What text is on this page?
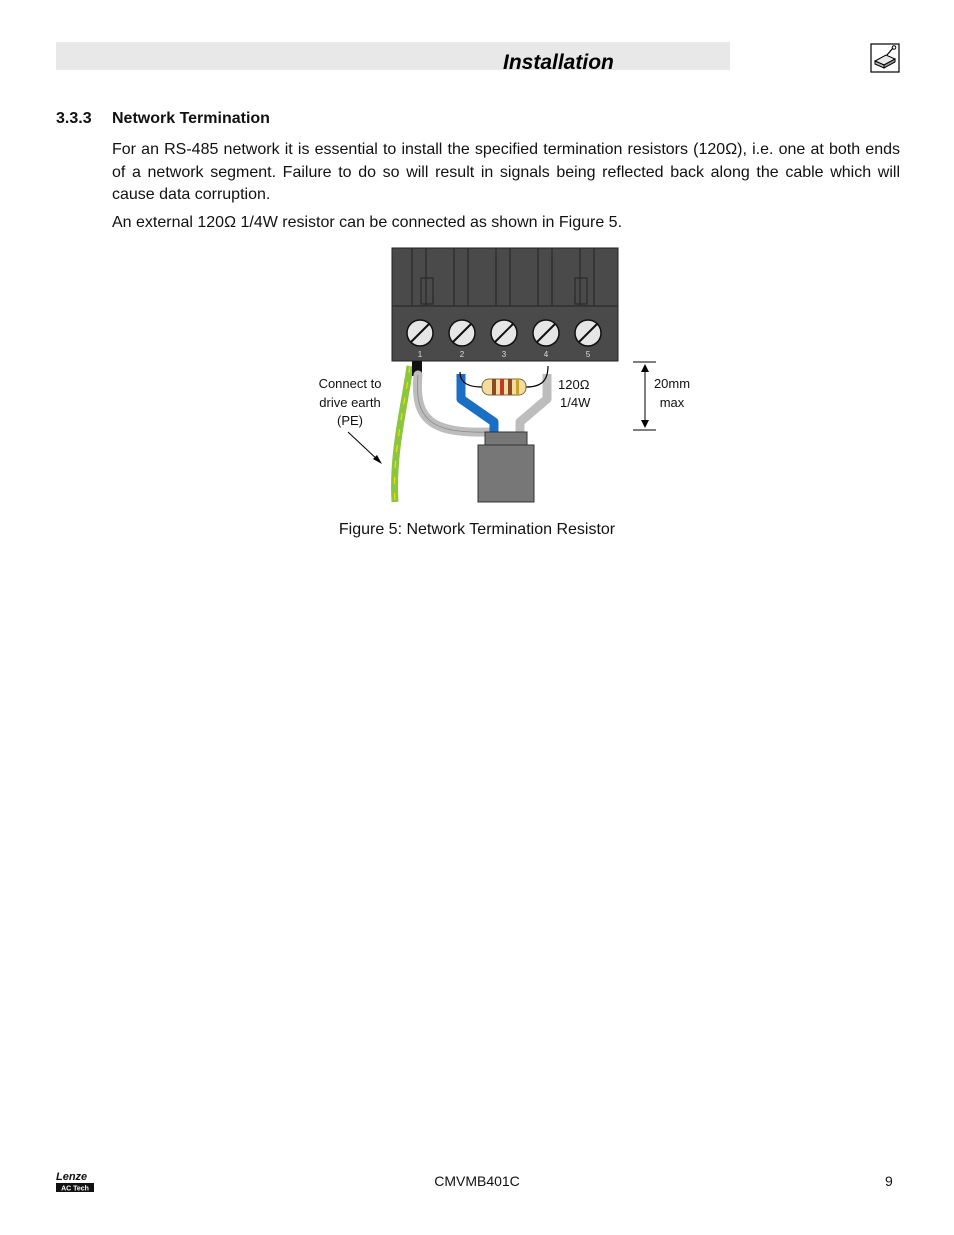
Installation
3.3.3 Network Termination

For an RS-485 network it is essential to install the specified termination resistors (120Ω), i.e. one at both ends of a network segment. Failure to do so will result in signals being reflected back along the cable which will cause data corruption.

An external 120Ω 1/4W resistor can be connected as shown in Figure 5.

1	2	3	4	5
Connect to
drive earth
(PE)
120Ω
1/4W
20mm
max
Figure 5: Network Termination Resistor
Lenze
AC Tech	CMVMB401C	9
